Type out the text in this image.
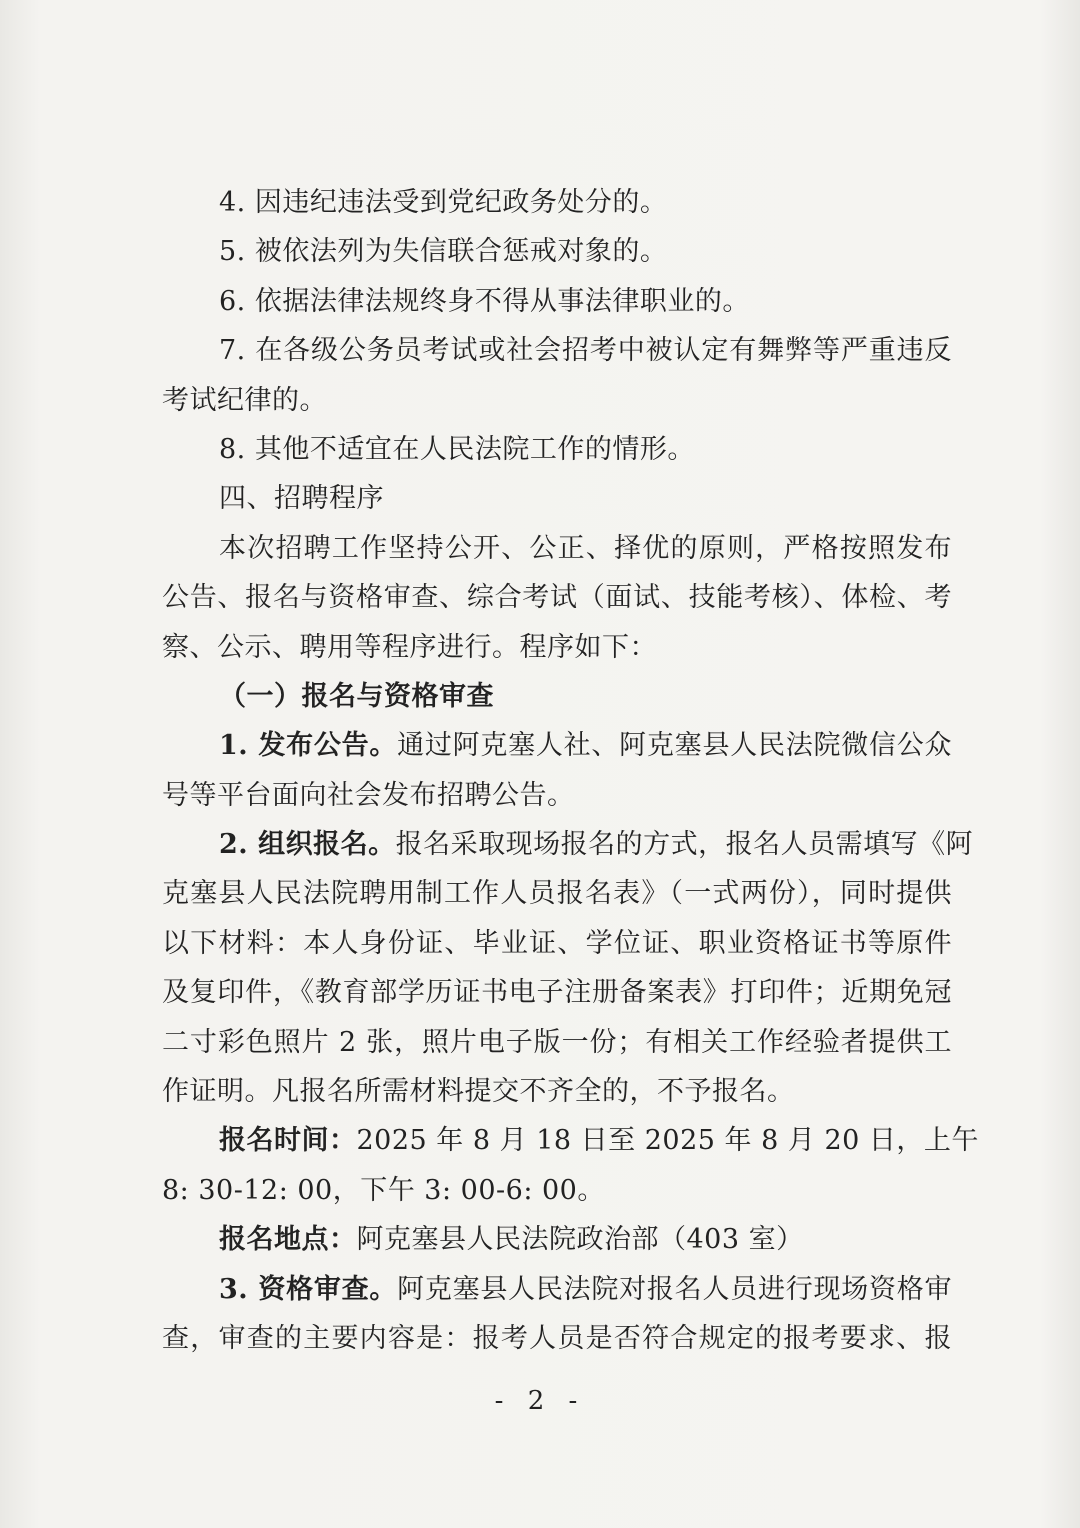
4. 因违纪违法受到党纪政务处分的。
5. 被依法列为失信联合惩戒对象的。
6. 依据法律法规终身不得从事法律职业的。
7. 在各级公务员考试或社会招考中被认定有舞弊等严重违反
考试纪律的。
8. 其他不适宜在人民法院工作的情形。
四、招聘程序
本次招聘工作坚持公开、公正、择优的原则，严格按照发布
公告、报名与资格审查、综合考试（面试、技能考核）、体检、考
察、公示、聘用等程序进行。程序如下：
（一）报名与资格审查
1. 发布公告。通过阿克塞人社、阿克塞县人民法院微信公众
号等平台面向社会发布招聘公告。
2. 组织报名。报名采取现场报名的方式，报名人员需填写《阿
克塞县人民法院聘用制工作人员报名表》（一式两份），同时提供
以下材料：本人身份证、毕业证、学位证、职业资格证书等原件
及复印件，《教育部学历证书电子注册备案表》打印件；近期免冠
二寸彩色照片 2 张，照片电子版一份；有相关工作经验者提供工
作证明。凡报名所需材料提交不齐全的，不予报名。
报名时间：2025 年 8 月 18 日至 2025 年 8 月 20 日，上午
8: 30-12: 00，下午 3: 00-6: 00。
报名地点：阿克塞县人民法院政治部（403 室）
3. 资格审查。阿克塞县人民法院对报名人员进行现场资格审
查，审查的主要内容是：报考人员是否符合规定的报考要求、报
- 2 -
